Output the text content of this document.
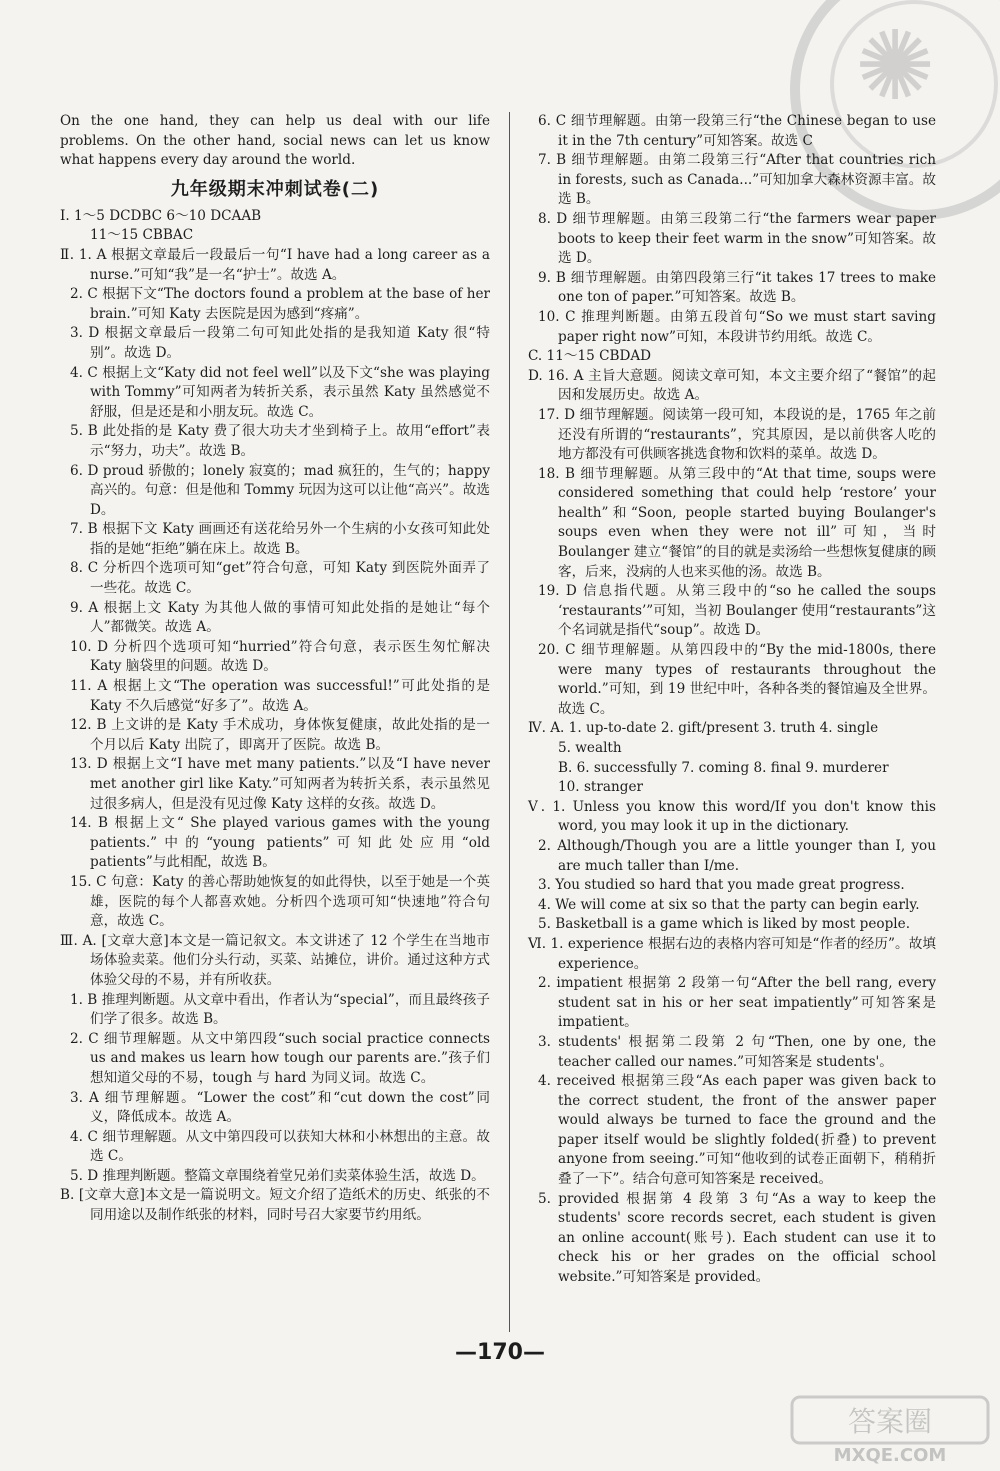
✺

On the one hand, they can help us deal with our life problems. On the other hand, social news can let us know what happens every day around the world.

九年级期末冲刺试卷(二)

Ⅰ. 1～5 DCDBC 6～10 DCAAB

11～15 CBBAC

Ⅱ. 1. A 根据文章最后一段最后一句“I have had a long career as a nurse.”可知“我”是一名“护士”。故选 A。

2. C 根据下文“The doctors found a problem at the base of her brain.”可知 Katy 去医院是因为感到“疼痛”。

3. D 根据文章最后一段第二句可知此处指的是我知道 Katy 很“特别”。故选 D。

4. C 根据上文“Katy did not feel well”以及下文“she was playing with Tommy”可知两者为转折关系，表示虽然 Katy 虽然感觉不舒服，但是还是和小朋友玩。故选 C。

5. B 此处指的是 Katy 费了很大功夫才坐到椅子上。故用“effort”表示“努力，功夫”。故选 B。

6. D proud 骄傲的；lonely 寂寞的；mad 疯狂的，生气的；happy 高兴的。句意：但是他和 Tommy 玩因为这可以让他“高兴”。故选 D。

7. B 根据下文 Katy 画画还有送花给另外一个生病的小女孩可知此处指的是她“拒绝”躺在床上。故选 B。

8. C 分析四个选项可知“get”符合句意，可知 Katy 到医院外面弄了一些花。故选 C。

9. A 根据上文 Katy 为其他人做的事情可知此处指的是她让“每个人”都微笑。故选 A。

10. D 分析四个选项可知“hurried”符合句意，表示医生匆忙解决 Katy 脑袋里的问题。故选 D。

11. A 根据上文“The operation was successful!”可此处指的是 Katy 不久后感觉“好多了”。故选 A。

12. B 上文讲的是 Katy 手术成功，身体恢复健康，故此处指的是一个月以后 Katy 出院了，即离开了医院。故选 B。

13. D 根据上文“I have met many patients.”以及“I have never met another girl like Katy.”可知两者为转折关系，表示虽然见过很多病人，但是没有见过像 Katy 这样的女孩。故选 D。

14. B 根据上文“ She played various games with the young patients.”中的“young patients”可知此处应用“old patients”与此相配，故选 B。

15. C 句意：Katy 的善心帮助她恢复的如此得快，以至于她是一个英雄，医院的每个人都喜欢她。分析四个选项可知“快速地”符合句意，故选 C。

Ⅲ. A. [文章大意]本文是一篇记叙文。本文讲述了 12 个学生在当地市场体验卖菜。他们分头行动，买菜、站摊位，讲价。通过这种方式体验父母的不易，并有所收获。

1. B 推理判断题。从文章中看出，作者认为“special”，而且最终孩子们学了很多。故选 B。

2. C 细节理解题。从文中第四段“such social practice connects us and makes us learn how tough our parents are.”孩子们想知道父母的不易，tough 与 hard 为同义词。故选 C。

3. A 细节理解题。“Lower the cost”和“cut down the cost”同义，降低成本。故选 A。

4. C 细节理解题。从文中第四段可以获知大林和小林想出的主意。故选 C。

5. D 推理判断题。整篇文章围绕着堂兄弟们卖菜体验生活，故选 D。

B. [文章大意]本文是一篇说明文。短文介绍了造纸术的历史、纸张的不同用途以及制作纸张的材料，同时号召大家要节约用纸。

6. C 细节理解题。由第一段第三行“the Chinese began to use it in the 7th century”可知答案。故选 C

7. B 细节理解题。由第二段第三行“After that countries rich in forests, such as Canada...”可知加拿大森林资源丰富。故选 B。

8. D 细节理解题。由第三段第二行“the farmers wear paper boots to keep their feet warm in the snow”可知答案。故选 D。

9. B 细节理解题。由第四段第三行“it takes 17 trees to make one ton of paper.”可知答案。故选 B。

10. C 推理判断题。由第五段首句“So we must start saving paper right now”可知，本段讲节约用纸。故选 C。

C. 11～15 CBDAD

D. 16. A 主旨大意题。阅读文章可知，本文主要介绍了“餐馆”的起因和发展历史。故选 A。

17. D 细节理解题。阅读第一段可知，本段说的是，1765 年之前还没有所谓的“restaurants”，究其原因，是以前供客人吃的地方都没有可供顾客挑选食物和饮料的菜单。故选 D。

18. B 细节理解题。从第三段中的“At that time, soups were considered something that could help ‘restore’ your health”和“Soon, people started buying Boulanger's soups even when they were not ill”可知，当时 Boulanger 建立“餐馆”的目的就是卖汤给一些想恢复健康的顾客，后来，没病的人也来买他的汤。故选 B。

19. D 信息指代题。从第三段中的“so he called the soups ‘restaurants’”可知，当初 Boulanger 使用“restaurants”这个名词就是指代“soup”。故选 D。

20. C 细节理解题。从第四段中的“By the mid-1800s, there were many types of restaurants throughout the world.”可知，到 19 世纪中叶，各种各类的餐馆遍及全世界。故选 C。

Ⅳ. A. 1. up-to-date 2. gift/present 3. truth 4. single

5. wealth

B. 6. successfully 7. coming 8. final 9. murderer

10. stranger

Ⅴ. 1. Unless you know this word/If you don't know this word, you may look it up in the dictionary.

2. Although/Though you are a little younger than I, you are much taller than I/me.

3. You studied so hard that you made great progress.

4. We will come at six so that the party can begin early.

5. Basketball is a game which is liked by most people.

Ⅵ. 1. experience 根据右边的表格内容可知是“作者的经历”。故填 experience。

2. impatient 根据第 2 段第一句“After the bell rang, every student sat in his or her seat impatiently”可知答案是 impatient。

3. students' 根据第二段第 2 句“Then, one by one, the teacher called our names.”可知答案是 students'。

4. received 根据第三段“As each paper was given back to the correct student, the front of the answer paper would always be turned to face the ground and the paper itself would be slightly folded(折叠) to prevent anyone from seeing.”可知“他收到的试卷正面朝下，稍稍折叠了一下”。结合句意可知答案是 received。

5. provided 根据第 4 段第 3 句“As a way to keep the students' score records secret, each student is given an online account(账号). Each student can use it to check his or her grades on the official school website.”可知答案是 provided。

—170—
答案圈
MXQE.COM
